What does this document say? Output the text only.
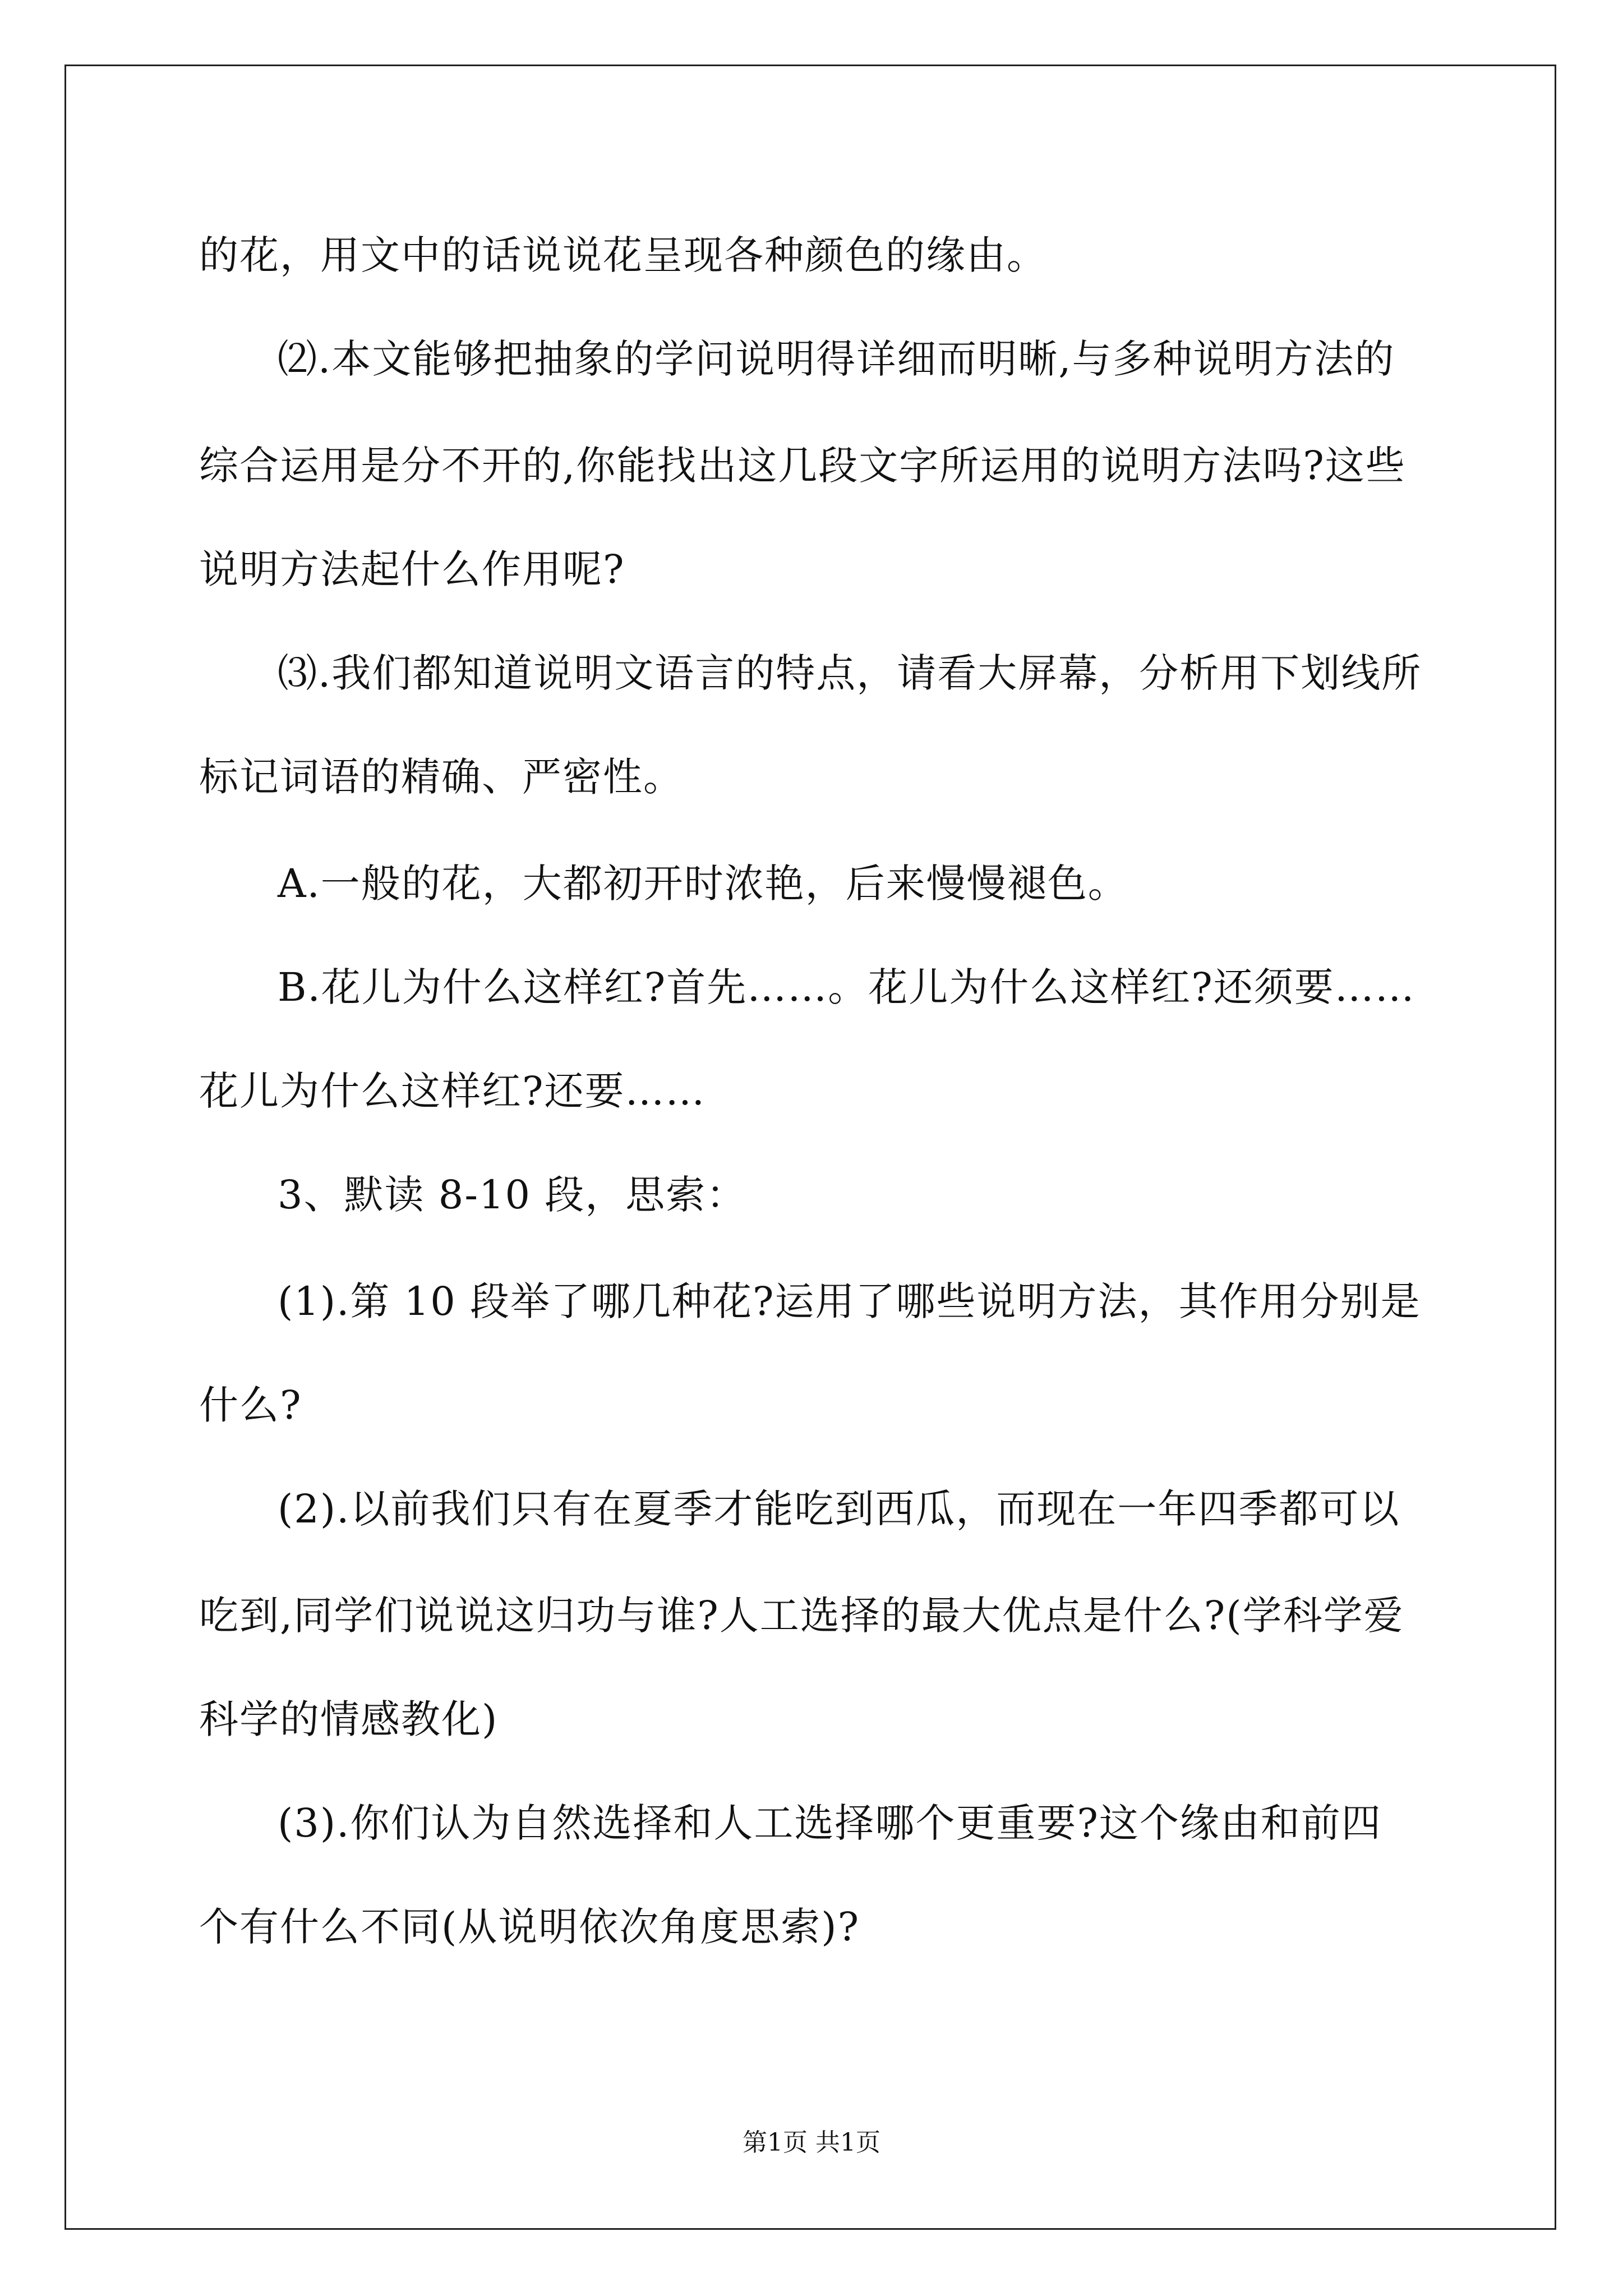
的花，用文中的话说说花呈现各种颜色的缘由。
⑵.本文能够把抽象的学问说明得详细而明晰,与多种说明方法的
综合运用是分不开的,你能找出这几段文字所运用的说明方法吗?这些
说明方法起什么作用呢?
⑶.我们都知道说明文语言的特点，请看大屏幕，分析用下划线所
标记词语的精确、严密性。
A.一般的花，大都初开时浓艳，后来慢慢褪色。
B.花儿为什么这样红?首先……。花儿为什么这样红?还须要……
花儿为什么这样红?还要……
3、默读 8-10 段，思索：
(1).第 10 段举了哪几种花?运用了哪些说明方法，其作用分别是
什么?
(2).以前我们只有在夏季才能吃到西瓜，而现在一年四季都可以
吃到,同学们说说这归功与谁?人工选择的最大优点是什么?(学科学爱
科学的情感教化)
(3).你们认为自然选择和人工选择哪个更重要?这个缘由和前四
个有什么不同(从说明依次角度思索)?
第1页 共1页
